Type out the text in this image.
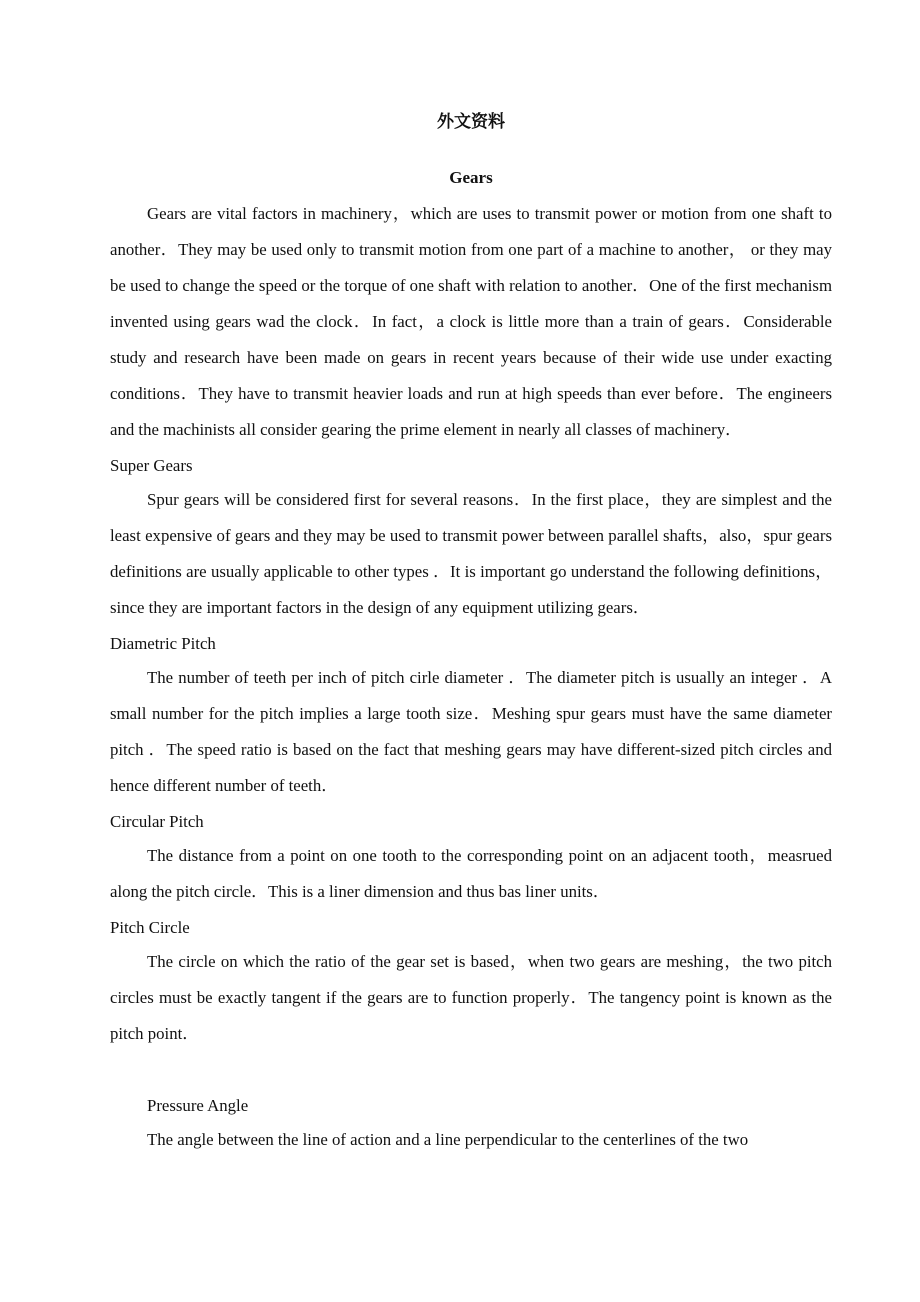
外文资料
Gears

Gears are vital factors in machinery，which are uses to transmit power or motion from one shaft to another．They may be used only to transmit motion from one part of a machine to another， or they may be used to change the speed or the torque of one shaft with relation to another．One of the first mechanism invented using gears wad the clock．In fact，a clock is little more than a train of gears．Considerable study and research have been made on gears in recent years because of their wide use under exacting conditions．They have to transmit heavier loads and run at high speeds than ever before．The engineers and the machinists all consider gearing the prime element in nearly all classes of machinery．

Super Gears

Spur gears will be considered first for several reasons．In the first place，they are simplest and the least expensive of gears and they may be used to transmit power between parallel shafts，also，spur gears definitions are usually applicable to other types ．It is important go understand the following definitions， since they are important factors in the design of any equipment utilizing gears．

Diametric Pitch

The number of teeth per inch of pitch cirle diameter ．The diameter pitch is usually an integer ．A small number for the pitch implies a large tooth size．Meshing spur gears must have the same diameter pitch ．The speed ratio is based on the fact that meshing gears may have different-sized pitch circles and hence different number of teeth．

Circular Pitch

The distance from a point on one tooth to the corresponding point on an adjacent tooth，measrued along the pitch circle．This is a liner dimension and thus bas liner units．

Pitch Circle

The circle on which the ratio of the gear set is based，when two gears are meshing，the two pitch circles must be exactly tangent if the gears are to function properly．The tangency point is known as the pitch point．

Pressure Angle

The angle between the line of action and a line perpendicular to the centerlines of the two
